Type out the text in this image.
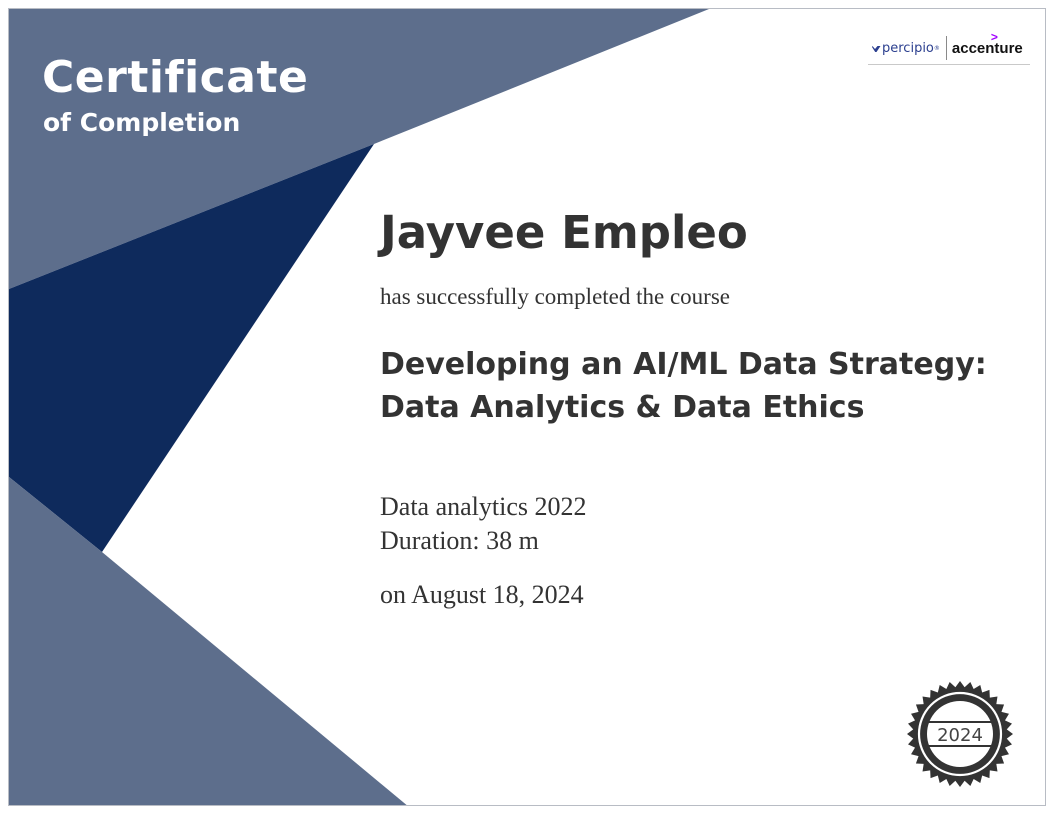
Certificate
of Completion
percipio ®
>
accenture
Jayvee Empleo
has successfully completed the course
Developing an AI/ML Data Strategy: Data Analytics & Data Ethics
Data analytics 2022
Duration: 38 m
on August 18, 2024
2024
